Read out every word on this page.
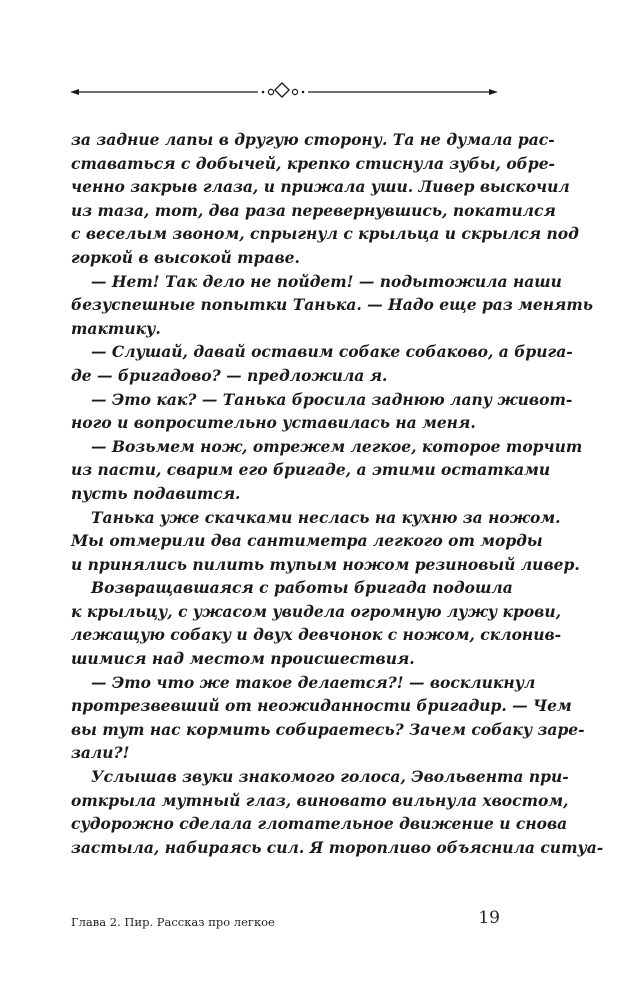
за задние лапы в другую сторону. Та не думала рас-
ставаться с добычей, крепко стиснула зубы, обре-
ченно закрыв глаза, и прижала уши. Ливер выскочил
из таза, тот, два раза перевернувшись, покатился
с веселым звоном, спрыгнул с крыльца и скрылся под
горкой в высокой траве.
— Нет! Так дело не пойдет! — подытожила наши
безуспешные попытки Танька. — Надо еще раз менять
тактику.
— Слушай, давай оставим собаке собаково, а брига-
де — бригадово? — предложила я.
— Это как? — Танька бросила заднюю лапу живот-
ного и вопросительно уставилась на меня.
— Возьмем нож, отрежем легкое, которое торчит
из пасти, сварим его бригаде, а этими остатками
пусть подавится.
Танька уже скачками неслась на кухню за ножом.
Мы отмерили два сантиметра легкого от морды
и принялись пилить тупым ножом резиновый ливер.
Возвращавшаяся с работы бригада подошла
к крыльцу, с ужасом увидела огромную лужу крови,
лежащую собаку и двух девчонок с ножом, склонив-
шимися над местом происшествия.
— Это что же такое делается?! — воскликнул
протрезвевший от неожиданности бригадир. — Чем
вы тут нас кормить собираетесь? Зачем собаку заре-
зали?!
Услышав звуки знакомого голоса, Эвольвента при-
открыла мутный глаз, виновато вильнула хвостом,
судорожно сделала глотательное движение и снова
застыла, набираясь сил. Я торопливо объяснила ситуа-
Глава 2. Пир. Рассказ про легкое	19
